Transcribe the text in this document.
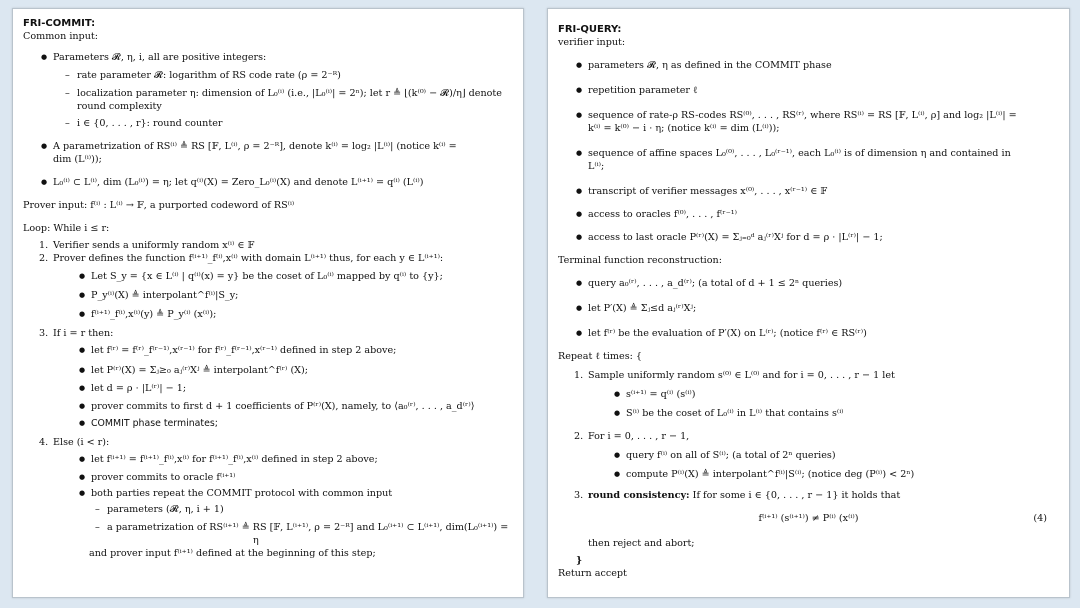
FRI-COMMIT:
Common input:
● Parameters 𝓡, η, i, all are positive integers:
– rate parameter 𝓡: logarithm of RS code rate (ρ = 2⁻ᴿ)
– localization parameter η: dimension of L₀⁽ⁱ⁾ (i.e., |L₀⁽ⁱ⁾| = 2ⁿ); let r ≜ ⌊(k⁽⁰⁾ − 𝓡)/η⌋ denote
round complexity
– i ∈ {0, . . . , r}: round counter
● A parametrization of RS⁽ⁱ⁾ ≜ RS [𝔽, L⁽ⁱ⁾, ρ = 2⁻ᴿ], denote k⁽ⁱ⁾ = log₂ |L⁽ⁱ⁾| (notice k⁽ⁱ⁾ =
dim (L⁽ⁱ⁾));
● L₀⁽ⁱ⁾ ⊂ L⁽ⁱ⁾, dim (L₀⁽ⁱ⁾) = η; let q⁽ⁱ⁾(X) = Zero_L₀⁽ⁱ⁾(X) and denote L⁽ⁱ⁺¹⁾ = q⁽ⁱ⁾ (L⁽ⁱ⁾)
Prover input: f⁽ⁱ⁾ : L⁽ⁱ⁾ → 𝔽, a purported codeword of RS⁽ⁱ⁾
Loop: While i ≤ r:
1. Verifier sends a uniformly random x⁽ⁱ⁾ ∈ 𝔽
2. Prover defines the function f⁽ⁱ⁺¹⁾_f⁽ⁱ⁾,x⁽ⁱ⁾ with domain L⁽ⁱ⁺¹⁾ thus, for each y ∈ L⁽ⁱ⁺¹⁾:
● Let S_y = {x ∈ L⁽ⁱ⁾ | q⁽ⁱ⁾(x) = y} be the coset of L₀⁽ⁱ⁾ mapped by q⁽ⁱ⁾ to {y};
● P_y⁽ⁱ⁾(X) ≜ interpolant^f⁽ⁱ⁾|S_y;
● f⁽ⁱ⁺¹⁾_f⁽ⁱ⁾,x⁽ⁱ⁾(y) ≜ P_y⁽ⁱ⁾ (x⁽ⁱ⁾);
3. If i = r then:
● let f⁽ʳ⁾ = f⁽ʳ⁾_f⁽ʳ⁻¹⁾,x⁽ʳ⁻¹⁾ for f⁽ʳ⁾_f⁽ʳ⁻¹⁾,x⁽ʳ⁻¹⁾ defined in step 2 above;
● let P⁽ʳ⁾(X) = Σⱼ≥₀ aⱼ⁽ʳ⁾Xʲ ≜ interpolant^f⁽ʳ⁾ (X);
● let d = ρ · |L⁽ʳ⁾| − 1;
● prover commits to first d + 1 coefficients of P⁽ʳ⁾(X), namely, to ⟨a₀⁽ʳ⁾, . . . , a_d⁽ʳ⁾⟩
● COMMIT phase terminates;
4. Else (i < r):
● let f⁽ⁱ⁺¹⁾ = f⁽ⁱ⁺¹⁾_f⁽ⁱ⁾,x⁽ⁱ⁾ for f⁽ⁱ⁺¹⁾_f⁽ⁱ⁾,x⁽ⁱ⁾ defined in step 2 above;
● prover commits to oracle f⁽ⁱ⁺¹⁾
● both parties repeat the COMMIT protocol with common input
– parameters (𝓡, η, i + 1)
– a parametrization of RS⁽ⁱ⁺¹⁾ ≜ RS [𝔽, L⁽ⁱ⁺¹⁾, ρ = 2⁻ᴿ] and L₀⁽ⁱ⁺¹⁾ ⊂ L⁽ⁱ⁺¹⁾, dim(L₀⁽ⁱ⁺¹⁾) =
η
and prover input f⁽ⁱ⁺¹⁾ defined at the beginning of this step;
FRI-QUERY:
verifier input:
● parameters 𝓡, η as defined in the COMMIT phase
● repetition parameter ℓ
● sequence of rate-ρ RS-codes RS⁽⁰⁾, . . . , RS⁽ʳ⁾, where RS⁽ⁱ⁾ = RS [𝔽, L⁽ⁱ⁾, ρ] and log₂ |L⁽ⁱ⁾| =
k⁽ⁱ⁾ = k⁽⁰⁾ − i · η; (notice k⁽ⁱ⁾ = dim (L⁽ⁱ⁾));
● sequence of affine spaces L₀⁽⁰⁾, . . . , L₀⁽ʳ⁻¹⁾, each L₀⁽ⁱ⁾ is of dimension η and contained in
L⁽ⁱ⁾;
● transcript of verifier messages x⁽⁰⁾, . . . , x⁽ʳ⁻¹⁾ ∈ 𝔽
● access to oracles f⁽⁰⁾, . . . , f⁽ʳ⁻¹⁾
● access to last oracle P⁽ʳ⁾(X) = Σⱼ₌₀ᵈ aⱼ⁽ʳ⁾Xʲ for d = ρ · |L⁽ʳ⁾| − 1;
Terminal function reconstruction:
● query a₀⁽ʳ⁾, . . . , a_d⁽ʳ⁾; (a total of d + 1 ≤ 2ⁿ queries)
● let P′(X) ≜ Σⱼ≤d aⱼ⁽ʳ⁾Xʲ;
● let f⁽ʳ⁾ be the evaluation of P′(X) on L⁽ʳ⁾; (notice f⁽ʳ⁾ ∈ RS⁽ʳ⁾)
Repeat ℓ times: {
1. Sample uniformly random s⁽⁰⁾ ∈ L⁽⁰⁾ and for i = 0, . . . , r − 1 let
● s⁽ⁱ⁺¹⁾ = q⁽ⁱ⁾ (s⁽ⁱ⁾)
● S⁽ⁱ⁾ be the coset of L₀⁽ⁱ⁾ in L⁽ⁱ⁾ that contains s⁽ⁱ⁾
2. For i = 0, . . . , r − 1,
● query f⁽ⁱ⁾ on all of S⁽ⁱ⁾; (a total of 2ⁿ queries)
● compute P⁽ⁱ⁾(X) ≜ interpolant^f⁽ⁱ⁾|S⁽ⁱ⁾; (notice deg (P⁽ⁱ⁾) < 2ⁿ)
3. round consistency: If for some i ∈ {0, . . . , r − 1} it holds that
f⁽ⁱ⁺¹⁾ (s⁽ⁱ⁺¹⁾) ≠ P⁽ⁱ⁾ (x⁽ⁱ⁾)	(4)
then reject and abort;
}
Return accept
